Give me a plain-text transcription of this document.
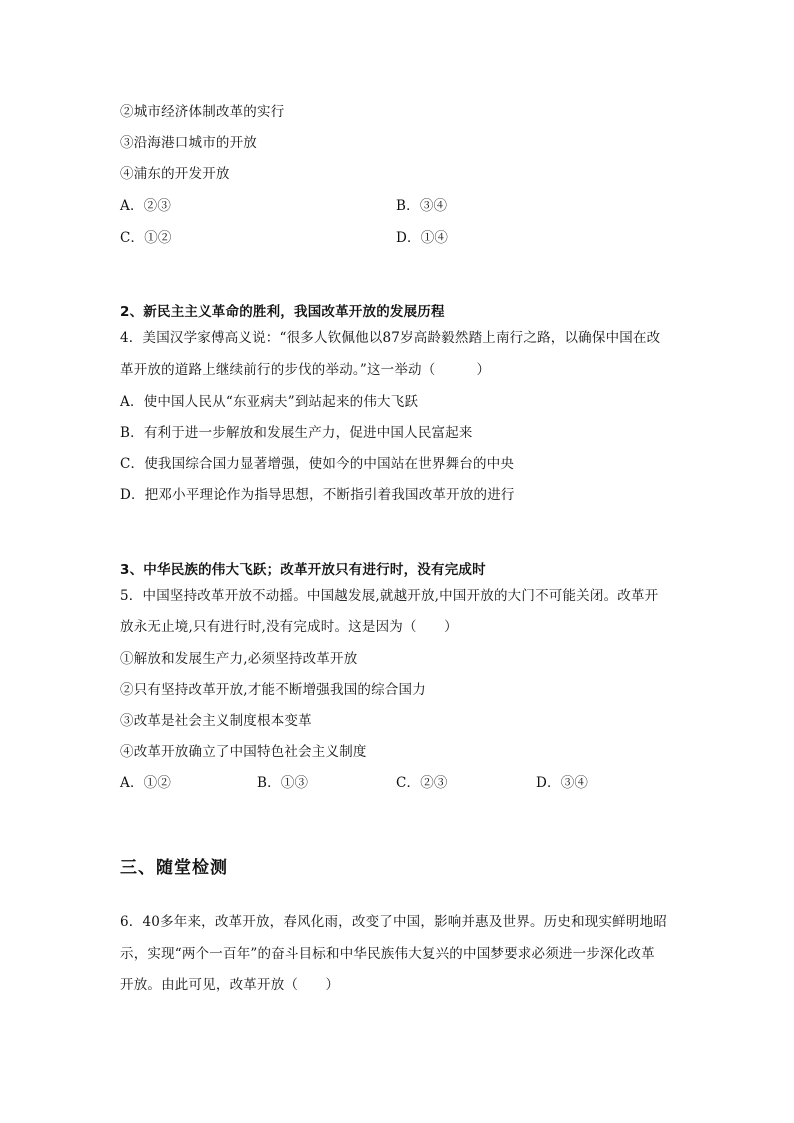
②城市经济体制改革的实行
③沿海港口城市的开放
④浦东的开发开放
A．②③	B．③④
C．①②	D．①④
2、新民主主义革命的胜利，我国改革开放的发展历程
4．美国汉学家傅高义说：“很多人钦佩他以87岁高龄毅然踏上南行之路，以确保中国在改
革开放的道路上继续前行的步伐的举动。”这一举动（　　　）
A．使中国人民从“东亚病夫”到站起来的伟大飞跃
B．有利于进一步解放和发展生产力，促进中国人民富起来
C．使我国综合国力显著增强，使如今的中国站在世界舞台的中央
D．把邓小平理论作为指导思想，不断指引着我国改革开放的进行
3、中华民族的伟大飞跃；改革开放只有进行时，没有完成时
5．中国坚持改革开放不动摇。中国越发展,就越开放,中国开放的大门不可能关闭。改革开
放永无止境,只有进行时,没有完成时。这是因为（　　）
①解放和发展生产力,必须坚持改革开放
②只有坚持改革开放,才能不断增强我国的综合国力
③改革是社会主义制度根本变革
④改革开放确立了中国特色社会主义制度
A．①②	B．①③	C．②③	D．③④
三、随堂检测
6．40多年来，改革开放，春风化雨，改变了中国，影响并惠及世界。历史和现实鲜明地昭
示，实现“两个一百年”的奋斗目标和中华民族伟大复兴的中国梦要求必须进一步深化改革
开放。由此可见，改革开放（　　）
